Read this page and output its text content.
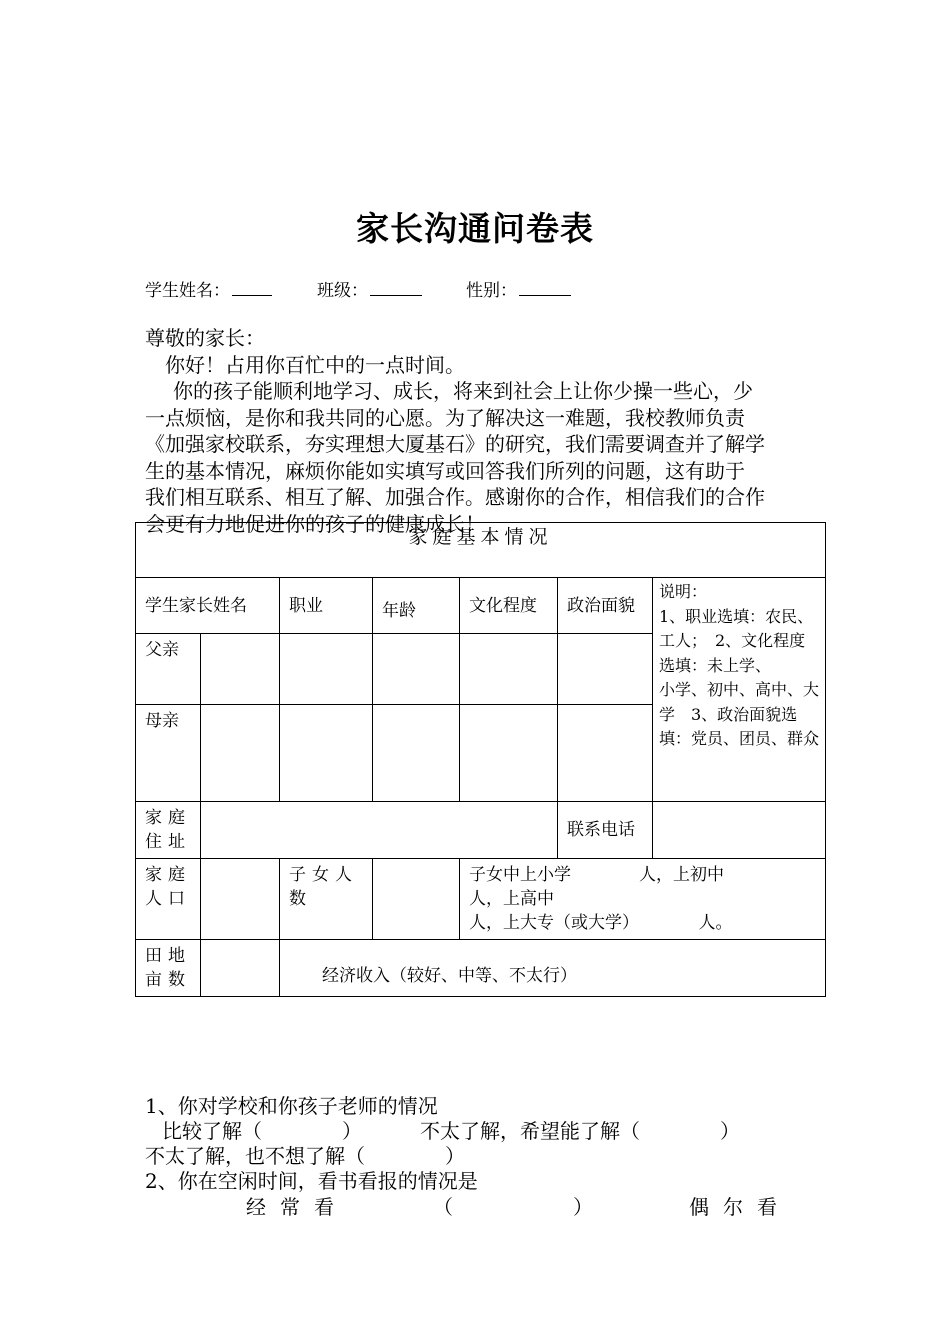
家长沟通问卷表
学生姓名：	班级：	性别：
尊敬的家长：
你好！占用你百忙中的一点时间。
你的孩子能顺利地学习、成长，将来到社会上让你少操一些心，少
一点烦恼，是你和我共同的心愿。为了解决这一难题，我校教师负责
《加强家校联系，夯实理想大厦基石》的研究，我们需要调查并了解学
生的基本情况，麻烦你能如实填写或回答我们所列的问题，这有助于
我们相互联系、相互了解、加强合作。感谢你的合作，相信我们的合作
会更有力地促进你的孩子的健康成长！
家庭基本情况						
学生家长姓名		职业	年龄	文化程度	政治面貌	说明：
1、职业选填：农民、工人；　2、文化程度选填：未上学、
小学、初中、高中、大学　3、政治面貌选填：党员、团员、群众
父亲						
母亲						
家庭住址					联系电话	
家庭人口		子女人数		子女中上小学　　　　人，上初中
人，上高中
人，上大专（或大学）　　　　人。		
田地亩数		经济收入（较好、中等、不太行）				
1、你对学校和你孩子老师的情况
比较了解（　　　　）	不太了解，希望能了解（　　　　）
不太了解，也不想了解（　　　　）
2、你在空闲时间，看书看报的情况是
经常看	（　　　　）	偶尔看
